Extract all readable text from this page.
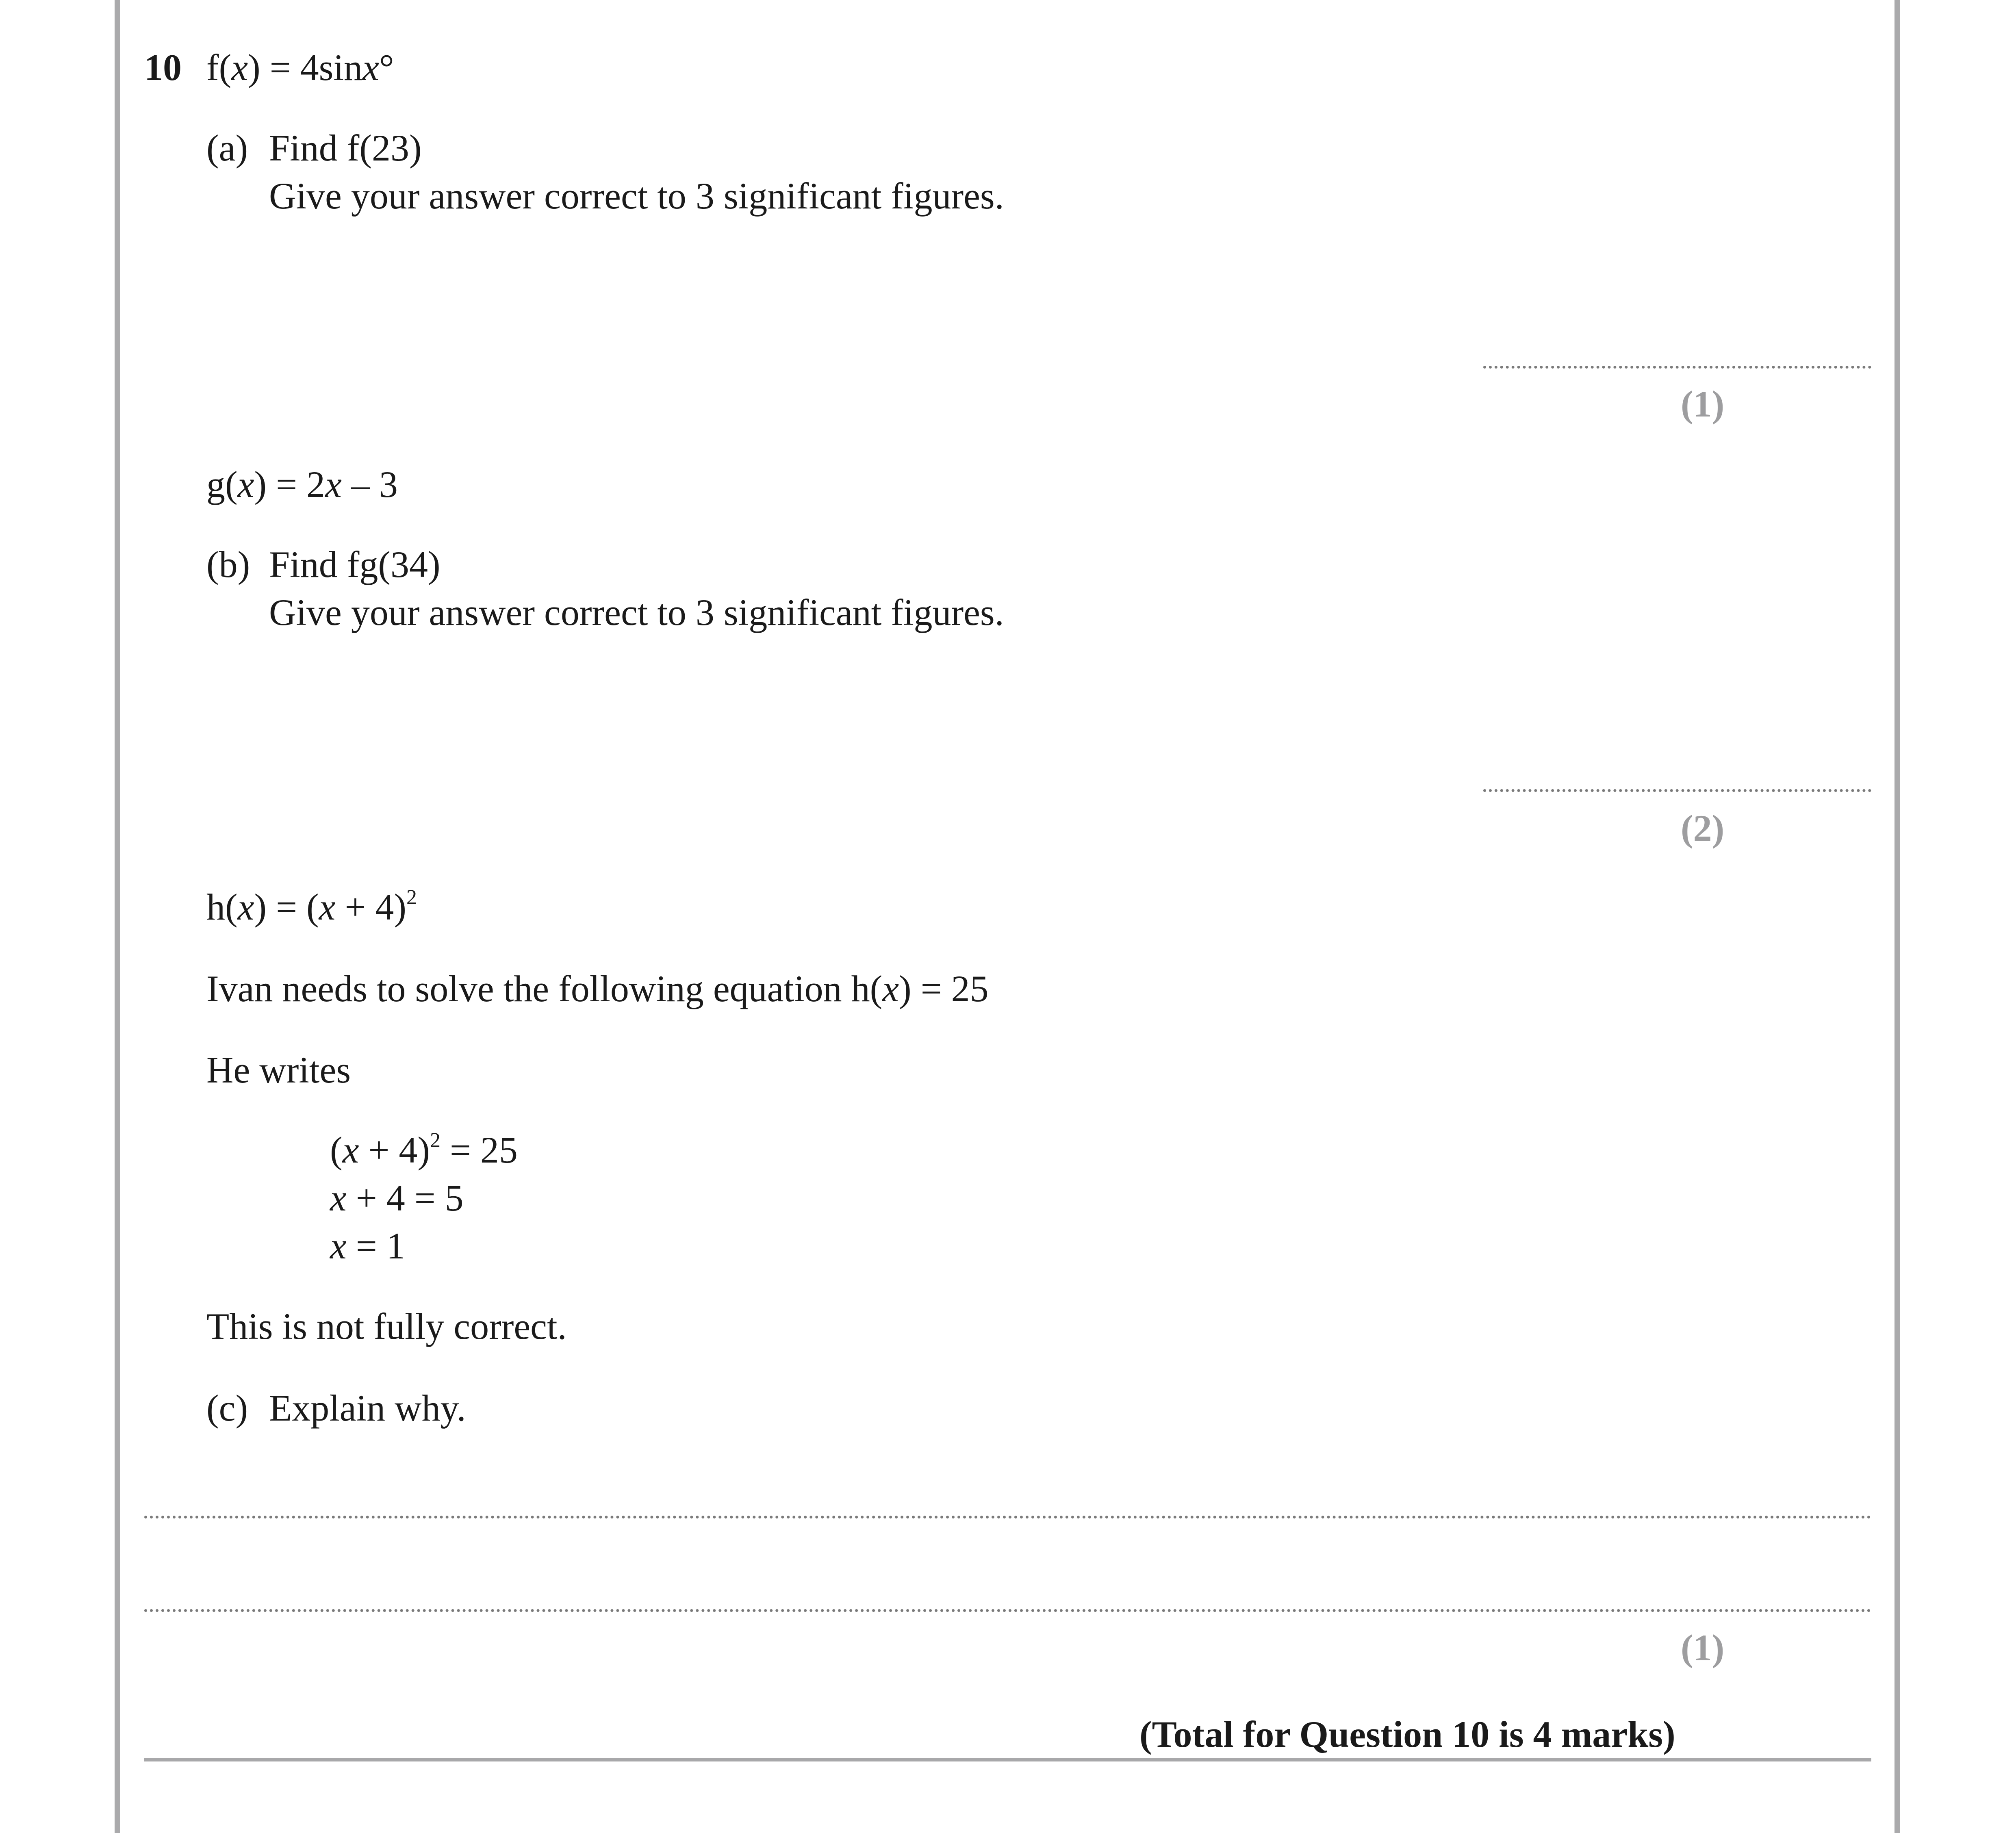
10 f(x) = 4sinx°
(a) Find f(23)
Give your answer correct to 3 significant figures.
(1)
g(x) = 2x – 3
(b) Find fg(34)
Give your answer correct to 3 significant figures.
(2)
$h(x) = (x + 4)^2$
Ivan needs to solve the following equation h(x) = 25
He writes
$(x + 4)^2 = 25$
x + 4 = 5
x = 1
This is not fully correct.
(c) Explain why.
(1)
(Total for Question 10 is 4 marks)
